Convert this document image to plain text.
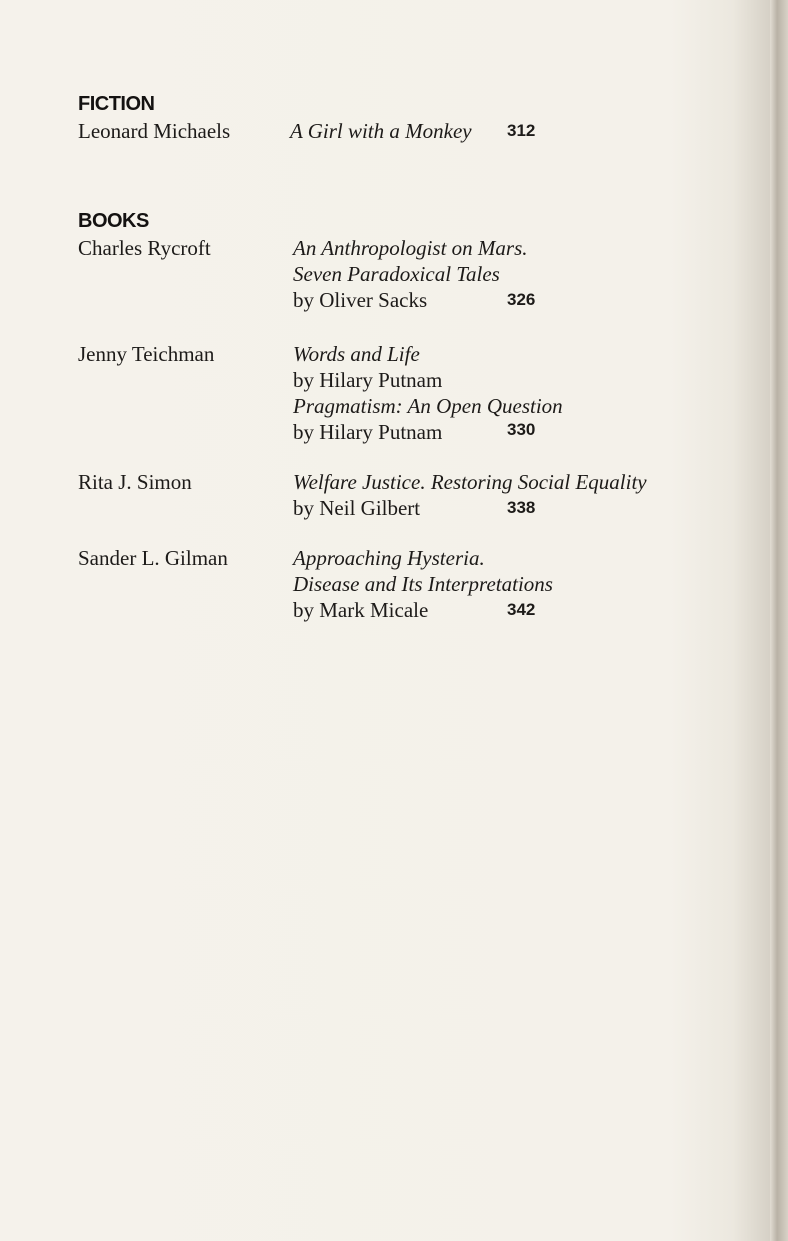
FICTION
Leonard Michaels	A Girl with a Monkey	312
BOOKS
Charles Rycroft	An Anthropologist on Mars.
Seven Paradoxical Tales
by Oliver Sacks	326
Jenny Teichman	Words and Life
by Hilary Putnam
Pragmatism: An Open Question
by Hilary Putnam	330
Rita J. Simon	Welfare Justice. Restoring Social Equality
by Neil Gilbert	338
Sander L. Gilman	Approaching Hysteria.
Disease and Its Interpretations
by Mark Micale	342
